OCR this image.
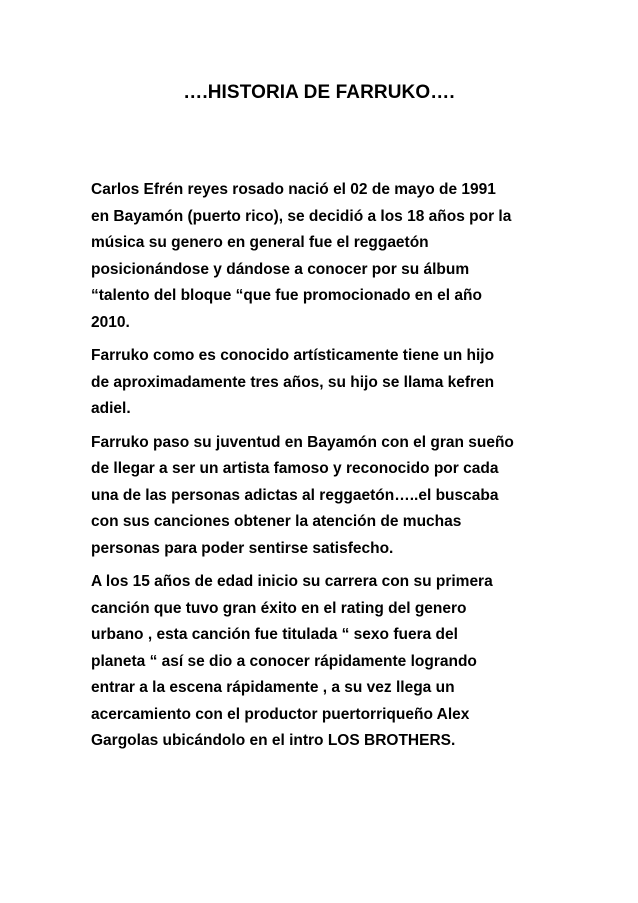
….HISTORIA DE FARRUKO….

Carlos Efrén reyes rosado nació el 02 de mayo de 1991
en Bayamón (puerto rico), se decidió a los 18 años por la
música su genero en general fue el reggaetón
posicionándose y dándose a conocer por su álbum
“talento del bloque “que fue promocionado en el año
2010.

Farruko como es conocido artísticamente tiene un hijo
de aproximadamente tres años, su hijo se llama kefren
adiel.

Farruko paso su juventud en Bayamón con el gran sueño
de llegar a ser un artista famoso y reconocido por cada
una de las personas adictas al reggaetón…..el buscaba
con sus canciones obtener la atención de muchas
personas para poder sentirse satisfecho.

A los 15 años de edad inicio su carrera con su primera
canción que tuvo gran éxito en el rating del genero
urbano , esta canción fue titulada “ sexo fuera del
planeta “ así se dio a conocer rápidamente logrando
entrar a la escena rápidamente , a su vez llega un
acercamiento con el productor puertorriqueño Alex
Gargolas ubicándolo en el intro LOS BROTHERS.
